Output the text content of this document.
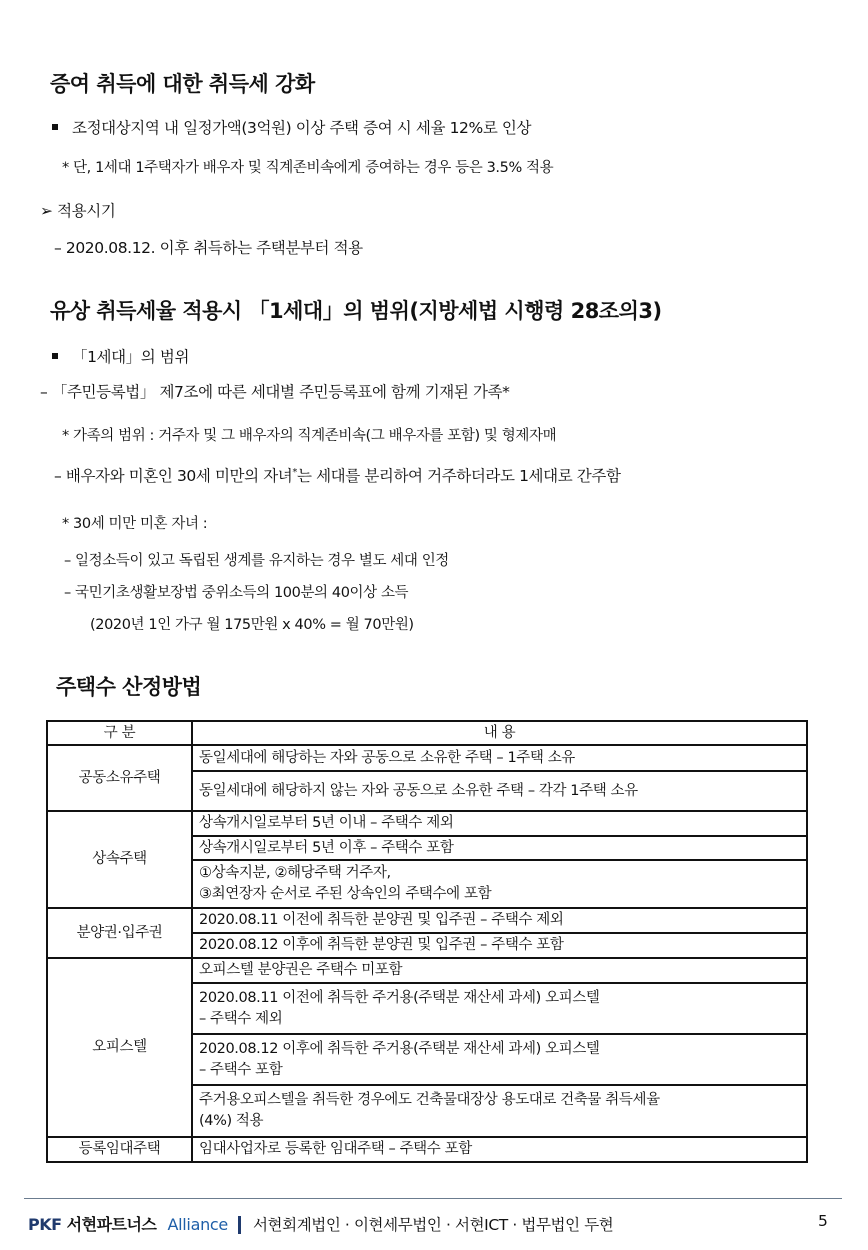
증여 취득에 대한 취득세 강화
조정대상지역 내 일정가액(3억원) 이상 주택 증여 시 세율 12%로 인상
* 단, 1세대 1주택자가 배우자 및 직계존비속에게 증여하는 경우 등은 3.5% 적용
➢ 적용시기
– 2020.08.12. 이후 취득하는 주택분부터 적용
유상 취득세율 적용시 「1세대」의 범위(지방세법 시행령 28조의3)
「1세대」의 범위
– 「주민등록법」 제7조에 따른 세대별 주민등록표에 함께 기재된 가족*
* 가족의 범위 : 거주자 및 그 배우자의 직계존비속(그 배우자를 포함) 및 형제자매
– 배우자와 미혼인 30세 미만의 자녀*는 세대를 분리하여 거주하더라도 1세대로 간주함
* 30세 미만 미혼 자녀 :
– 일정소득이 있고 독립된 생계를 유지하는 경우 별도 세대 인정
– 국민기초생활보장법 중위소득의 100분의 40이상 소득
(2020년 1인 가구 월 175만원 x 40% = 월 70만원)
주택수 산정방법
구 분	내 용
공동소유주택	동일세대에 해당하는 자와 공동으로 소유한 주택 – 1주택 소유
	동일세대에 해당하지 않는 자와 공동으로 소유한 주택 – 각각 1주택 소유
상속주택	상속개시일로부터 5년 이내 – 주택수 제외
	상속개시일로부터 5년 이후 – 주택수 포함

	①상속지분, ②해당주택 거주자,
③최연장자 순서로 주된 상속인의 주택수에 포함

분양권·입주권	2020.08.11 이전에 취득한 분양권 및 입주권 – 주택수 제외
	2020.08.12 이후에 취득한 분양권 및 입주권 – 주택수 포함
오피스텔	오피스텔 분양권은 주택수 미포함

	2020.08.11 이전에 취득한 주거용(주택분 재산세 과세) 오피스텔
– 주택수 제외

	2020.08.12 이후에 취득한 주거용(주택분 재산세 과세) 오피스텔
– 주택수 포함

	주거용오피스텔을 취득한 경우에도 건축물대장상 용도대로 건축물 취득세율
(4%) 적용

등록임대주택	임대사업자로 등록한 임대주택 – 주택수 포함
PKF 서현파트너스 Alliance 서현회계법인 · 이현세무법인 · 서현ICT · 법무법인 두현	5
